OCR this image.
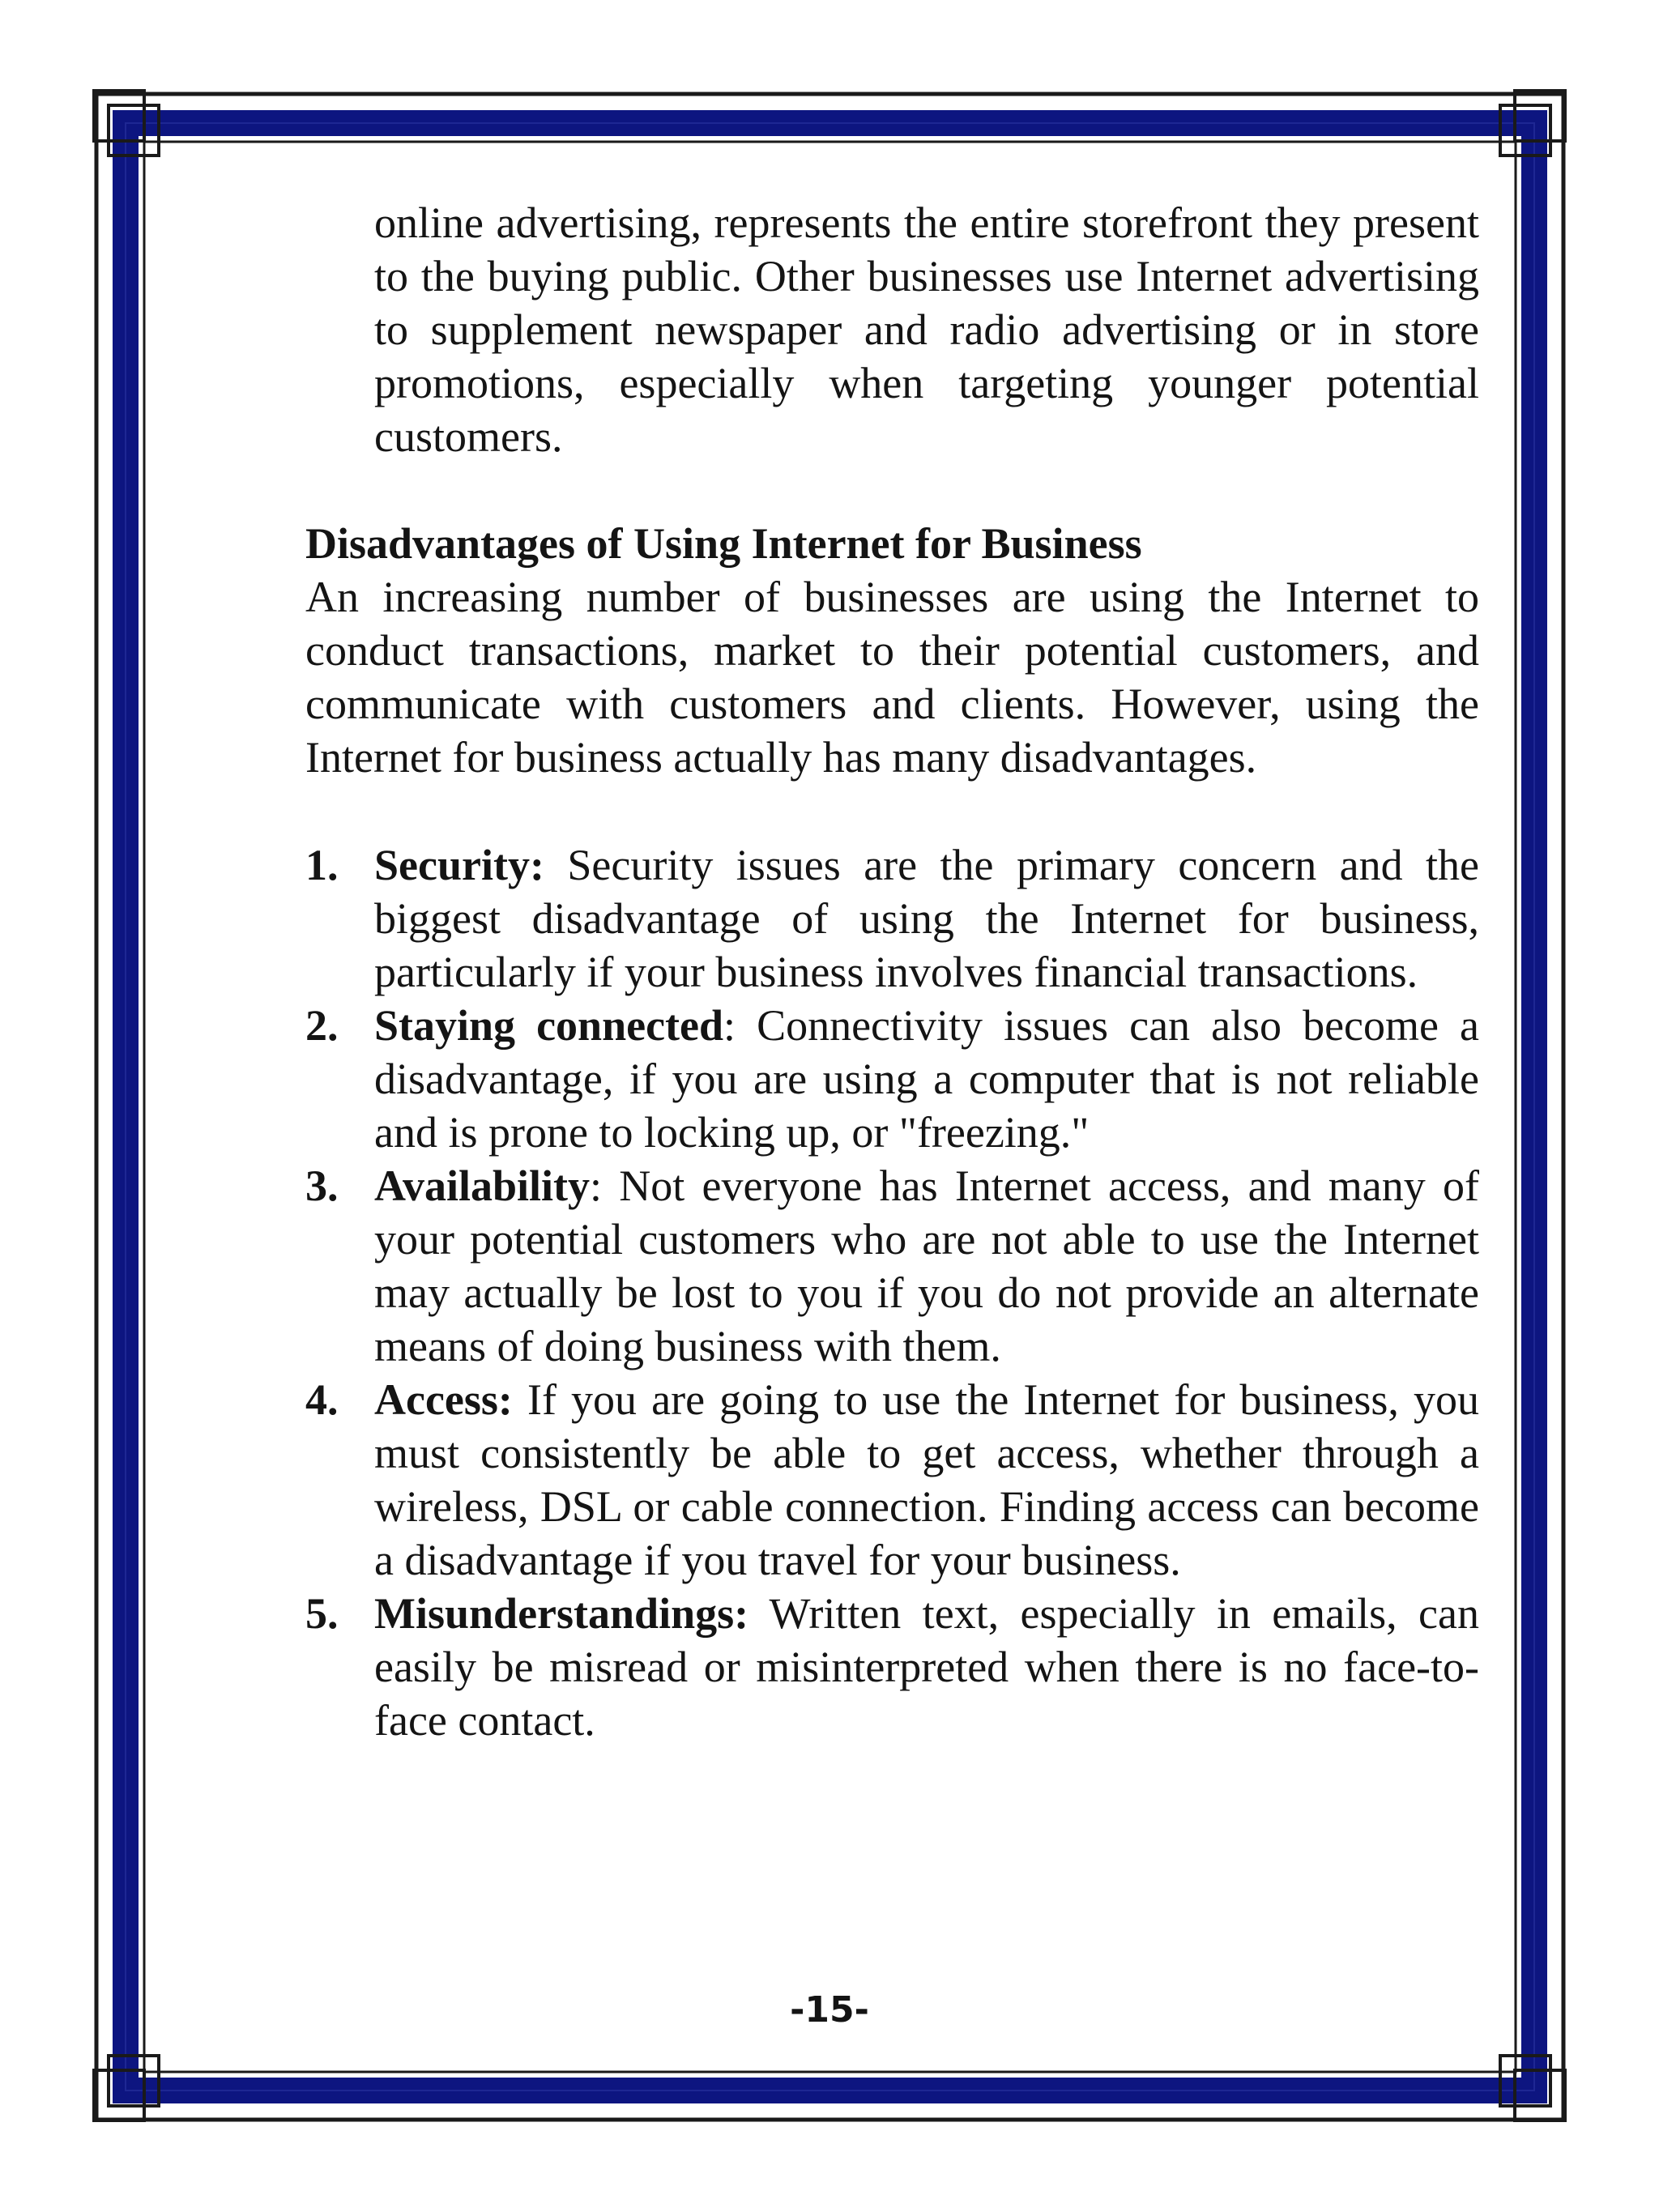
online advertising, represents the entire storefront they present to the buying public. Other businesses use Internet advertising to supplement newspaper and radio advertising or in store promotions, especially when targeting younger potential customers.

Disadvantages of Using Internet for Business

An increasing number of businesses are using the Internet to conduct transactions, market to their potential customers, and communicate with customers and clients. However, using the Internet for business actually has many disadvantages.

1. Security: Security issues are the primary concern and the biggest disadvantage of using the Internet for business, particularly if your business involves financial transactions.
2. Staying connected: Connectivity issues can also become a disadvantage, if you are using a computer that is not reliable and is prone to locking up, or "freezing."
3. Availability: Not everyone has Internet access, and many of your potential customers who are not able to use the Internet may actually be lost to you if you do not provide an alternate means of doing business with them.
4. Access: If you are going to use the Internet for business, you must consistently be able to get access, whether through a wireless, DSL or cable connection. Finding access can become a disadvantage if you travel for your business.
5. Misunderstandings: Written text, especially in emails, can easily be misread or misinterpreted when there is no face-to-face contact.
-15-
